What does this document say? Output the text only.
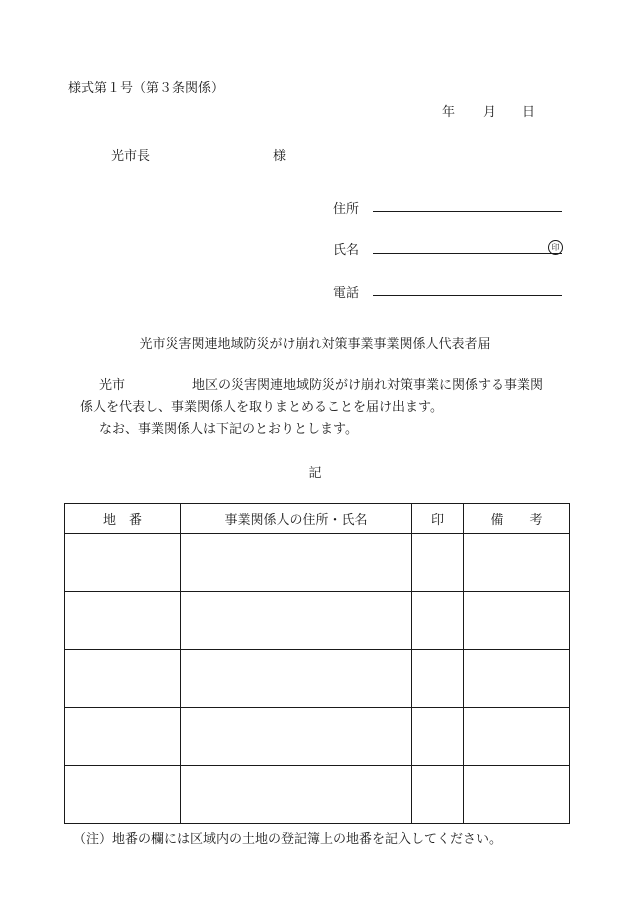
様式第１号（第３条関係）
年 月 日
光市長	様
住所
氏名	印
電話
光市災害関連地域防災がけ崩れ対策事業事業関係人代表者届
光市	地区の災害関連地域防災がけ崩れ対策事業に関係する事業関
係人を代表し、事業関係人を取りまとめることを届け出ます。
なお、事業関係人は下記のとおりとします。
記
地　番	事業関係人の住所・氏名	印	備　　考

（注）地番の欄には区域内の土地の登記簿上の地番を記入してください。
